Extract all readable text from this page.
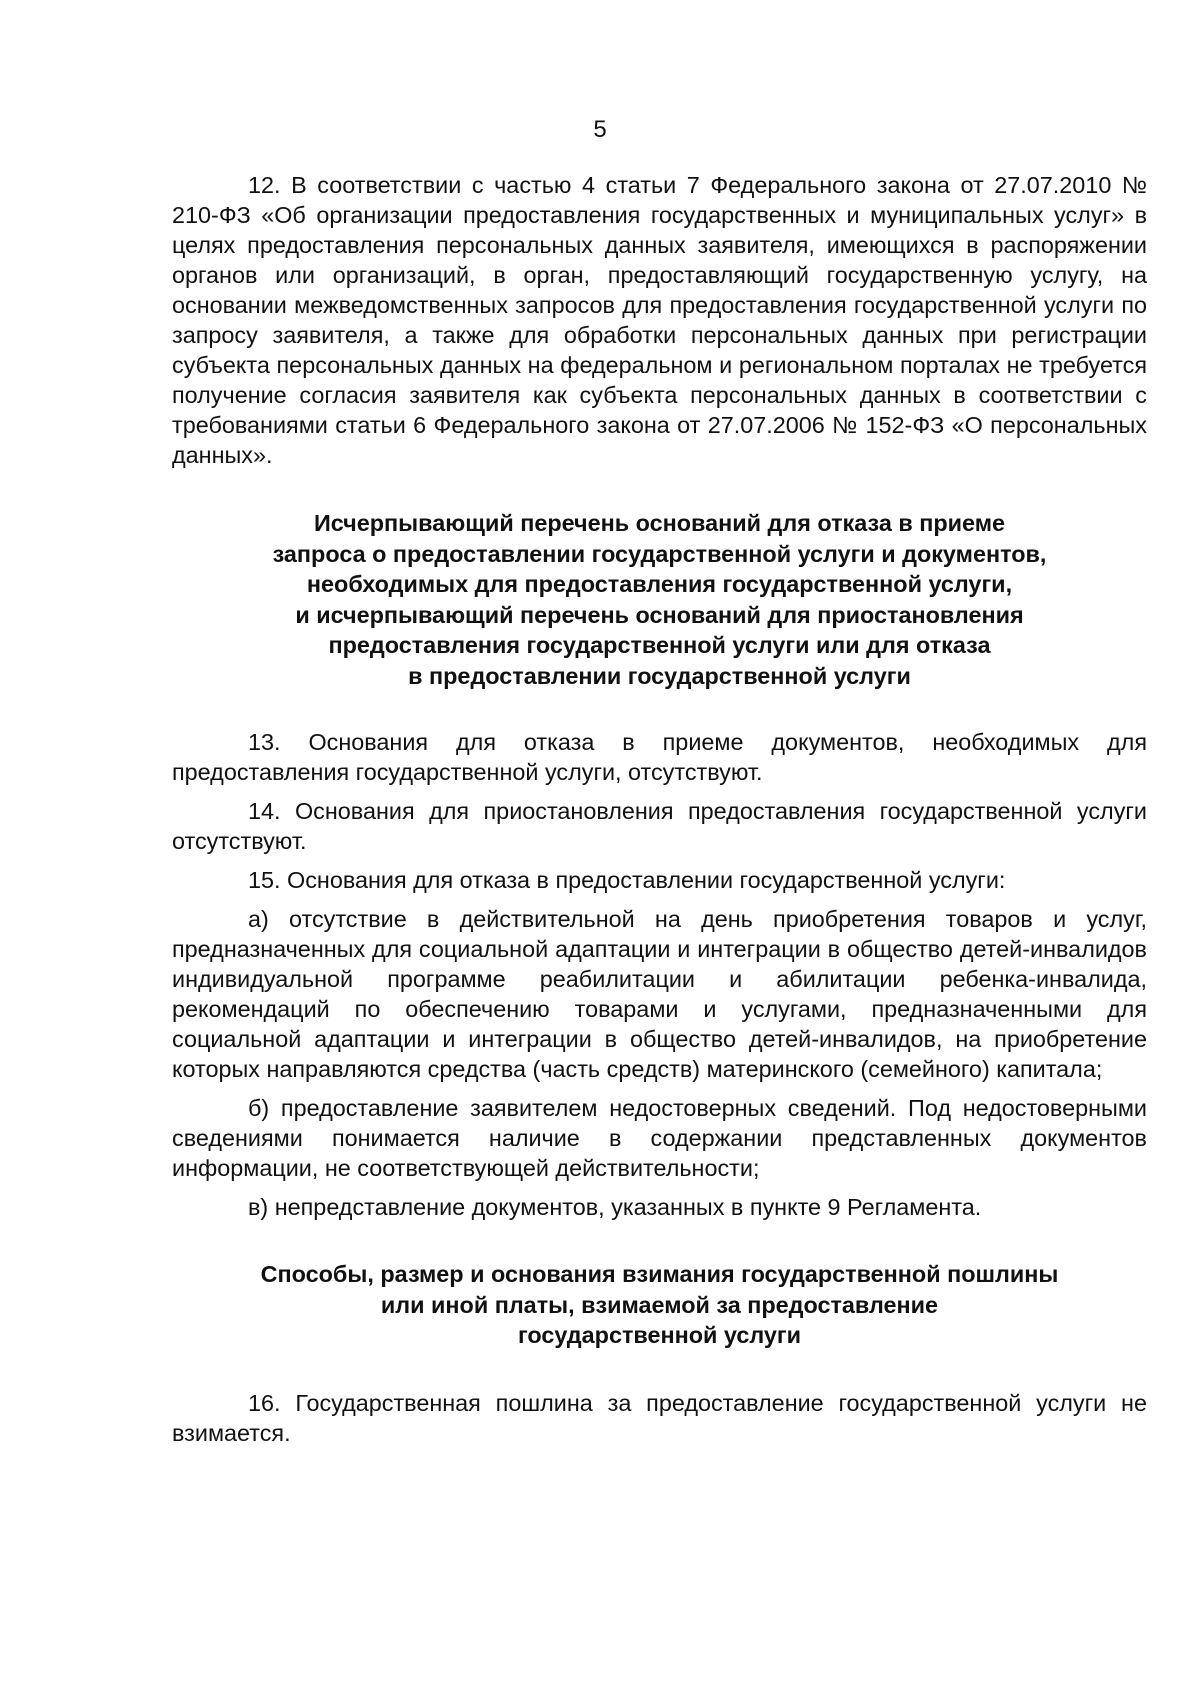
5

12. В соответствии с частью 4 статьи 7 Федерального закона от 27.07.2010 № 210-ФЗ «Об организации предоставления государственных и муниципальных услуг» в целях предоставления персональных данных заявителя, имеющихся в распоряжении органов или организаций, в орган, предоставляющий государственную услугу, на основании межведомственных запросов для предоставления государственной услуги по запросу заявителя, а также для обработки персональных данных при регистрации субъекта персональных данных на федеральном и региональном порталах не требуется получение согласия заявителя как субъекта персональных данных в соответствии с требованиями статьи 6 Федерального закона от 27.07.2006 № 152-ФЗ «О персональных данных».

Исчерпывающий перечень оснований для отказа в приеме
запроса о предоставлении государственной услуги и документов,
необходимых для предоставления государственной услуги,
и исчерпывающий перечень оснований для приостановления
предоставления государственной услуги или для отказа
в предоставлении государственной услуги

13. Основания для отказа в приеме документов, необходимых для предоставления государственной услуги, отсутствуют.

14. Основания для приостановления предоставления государственной услуги отсутствуют.

15. Основания для отказа в предоставлении государственной услуги:

а) отсутствие в действительной на день приобретения товаров и услуг, предназначенных для социальной адаптации и интеграции в общество детей-инвалидов индивидуальной программе реабилитации и абилитации ребенка-инвалида, рекомендаций по обеспечению товарами и услугами, предназначенными для социальной адаптации и интеграции в общество детей-инвалидов, на приобретение которых направляются средства (часть средств) материнского (семейного) капитала;

б) предоставление заявителем недостоверных сведений. Под недостоверными сведениями понимается наличие в содержании представленных документов информации, не соответствующей действительности;

в) непредставление документов, указанных в пункте 9 Регламента.

Способы, размер и основания взимания государственной пошлины
или иной платы, взимаемой за предоставление
государственной услуги

16. Государственная пошлина за предоставление государственной услуги не взимается.
